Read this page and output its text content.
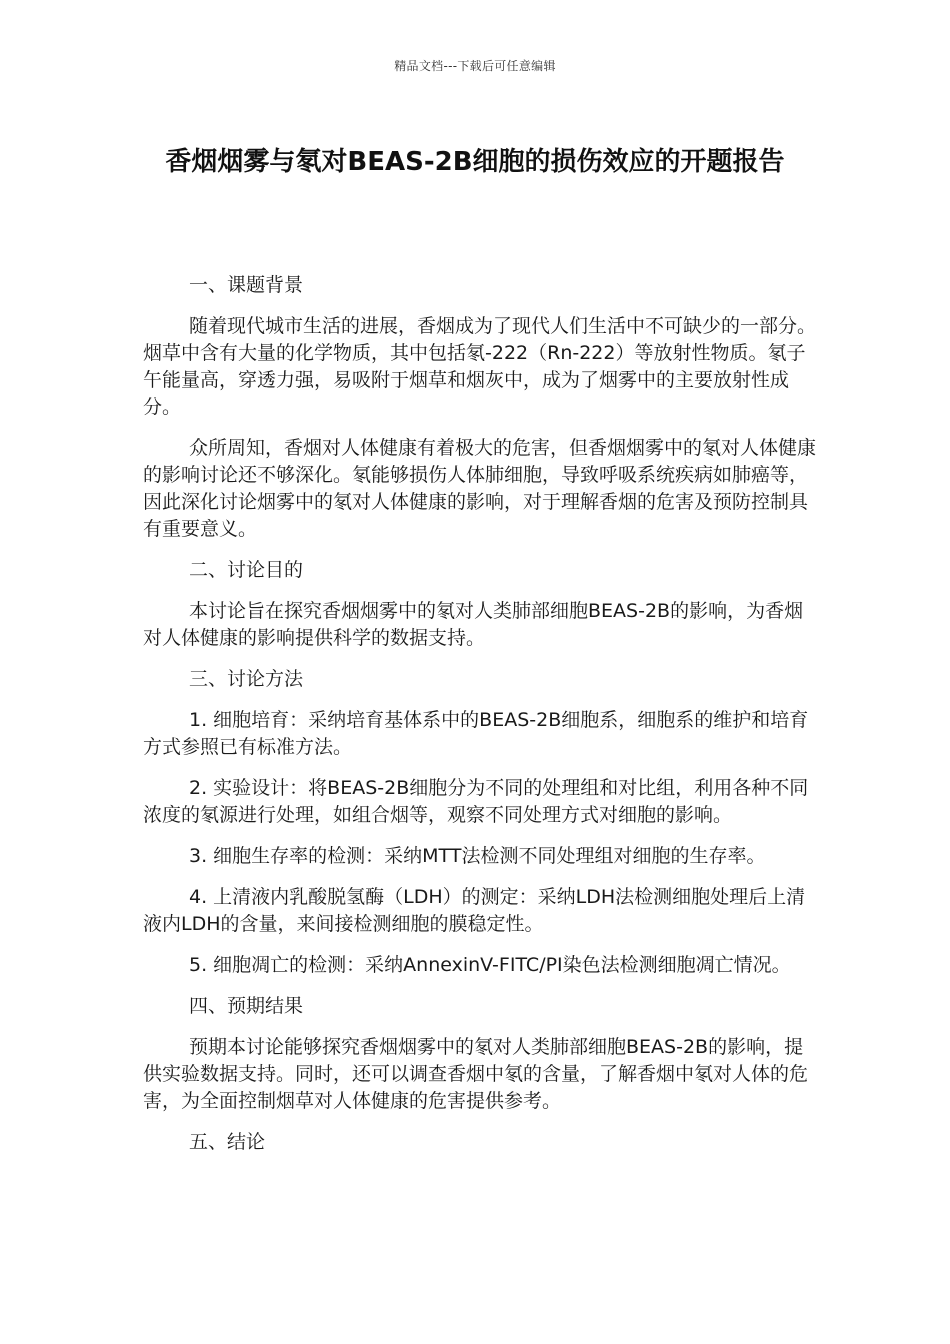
精品文档---下载后可任意编辑
香烟烟雾与氡对BEAS-2B细胞的损伤效应的开题报告

一、课题背景

随着现代城市生活的进展，香烟成为了现代人们生活中不可缺少的一部分。烟草中含有大量的化学物质，其中包括氡-222（Rn-222）等放射性物质。氡子午能量高，穿透力强，易吸附于烟草和烟灰中，成为了烟雾中的主要放射性成分。

众所周知，香烟对人体健康有着极大的危害，但香烟烟雾中的氡对人体健康的影响讨论还不够深化。氡能够损伤人体肺细胞，导致呼吸系统疾病如肺癌等，因此深化讨论烟雾中的氡对人体健康的影响，对于理解香烟的危害及预防控制具有重要意义。

二、讨论目的

本讨论旨在探究香烟烟雾中的氡对人类肺部细胞BEAS-2B的影响，为香烟对人体健康的影响提供科学的数据支持。

三、讨论方法

1. 细胞培育：采纳培育基体系中的BEAS-2B细胞系，细胞系的维护和培育方式参照已有标准方法。

2. 实验设计：将BEAS-2B细胞分为不同的处理组和对比组，利用各种不同浓度的氡源进行处理，如组合烟等，观察不同处理方式对细胞的影响。

3. 细胞生存率的检测：采纳MTT法检测不同处理组对细胞的生存率。

4. 上清液内乳酸脱氢酶（LDH）的测定：采纳LDH法检测细胞处理后上清液内LDH的含量，来间接检测细胞的膜稳定性。

5. 细胞凋亡的检测：采纳AnnexinV-FITC/PI染色法检测细胞凋亡情况。

四、预期结果

预期本讨论能够探究香烟烟雾中的氡对人类肺部细胞BEAS-2B的影响，提供实验数据支持。同时，还可以调查香烟中氡的含量，了解香烟中氡对人体的危害，为全面控制烟草对人体健康的危害提供参考。

五、结论
